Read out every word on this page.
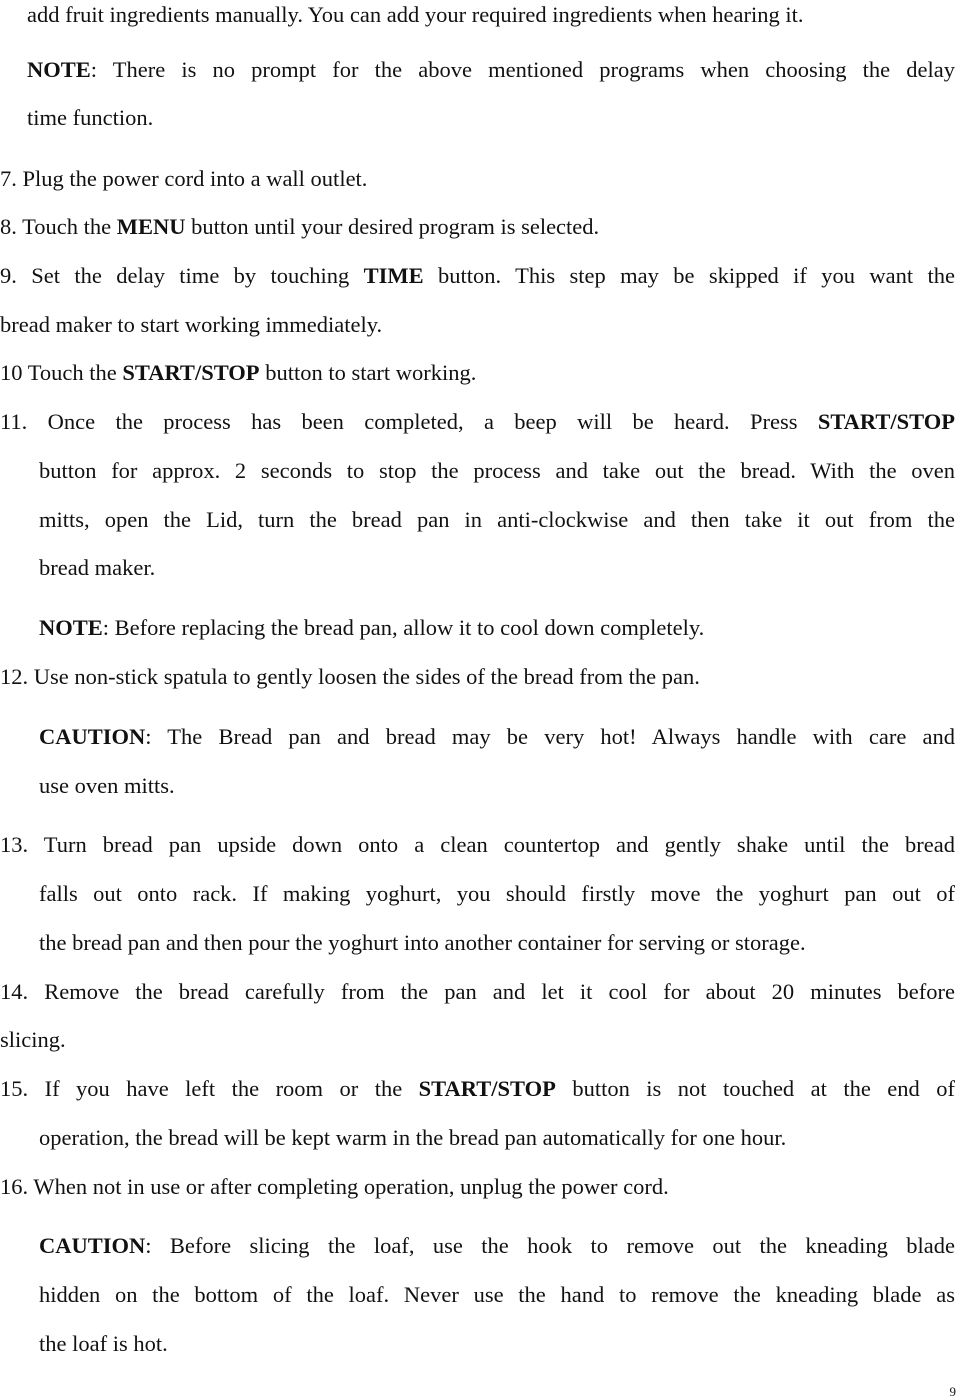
add fruit ingredients manually. You can add your required ingredients when hearing it.
NOTE: There is no prompt for the above mentioned programs when choosing the delay
time function.
7. Plug the power cord into a wall outlet.
8. Touch the MENU button until your desired program is selected.
9. Set the delay time by touching TIME button. This step may be skipped if you want the
bread maker to start working immediately.
10 Touch the START/STOP button to start working.
11. Once the process has been completed, a beep will be heard. Press START/STOP
button for approx. 2 seconds to stop the process and take out the bread. With the oven
mitts, open the Lid, turn the bread pan in anti-clockwise and then take it out from the
bread maker.
NOTE: Before replacing the bread pan, allow it to cool down completely.
12. Use non-stick spatula to gently loosen the sides of the bread from the pan.
CAUTION: The Bread pan and bread may be very hot! Always handle with care and
use oven mitts.
13. Turn bread pan upside down onto a clean countertop and gently shake until the bread
falls out onto rack. If making yoghurt, you should firstly move the yoghurt pan out of
the bread pan and then pour the yoghurt into another container for serving or storage.
14. Remove the bread carefully from the pan and let it cool for about 20 minutes before
slicing.
15. If you have left the room or the START/STOP button is not touched at the end of
operation, the bread will be kept warm in the bread pan automatically for one hour.
16. When not in use or after completing operation, unplug the power cord.
CAUTION: Before slicing the loaf, use the hook to remove out the kneading blade
hidden on the bottom of the loaf. Never use the hand to remove the kneading blade as
the loaf is hot.
9
